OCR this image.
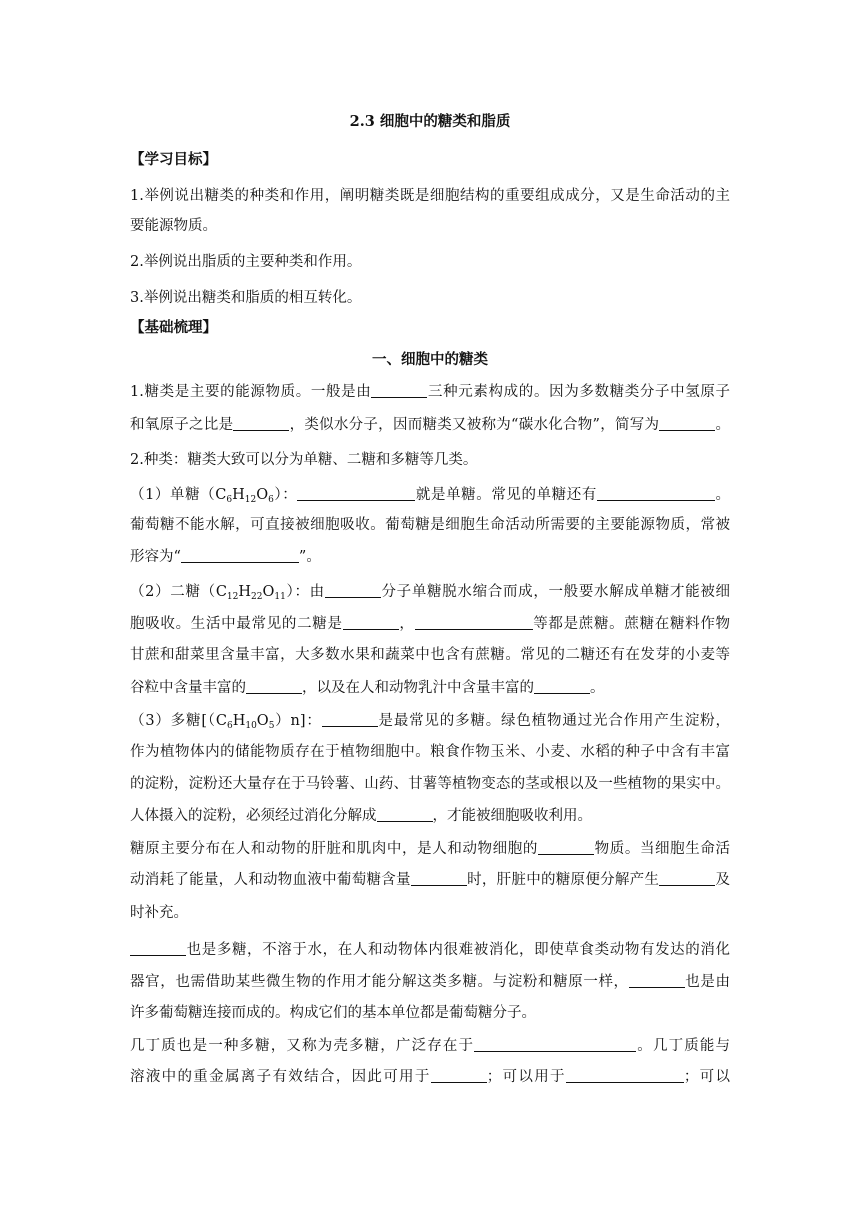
2.3 细胞中的糖类和脂质
【学习目标】
1.举例说出糖类的种类和作用，阐明糖类既是细胞结构的重要组成成分，又是生命活动的主
要能源物质。
2.举例说出脂质的主要种类和作用。
3.举例说出糖类和脂质的相互转化。
【基础梳理】
一、细胞中的糖类
1.糖类是主要的能源物质。一般是由	三种元素构成的。因为多数糖类分子中氢原子
和氧原子之比是	，类似水分子，因而糖类又被称为“碳水化合物”，简写为	。
2.种类：糖类大致可以分为单糖、二糖和多糖等几类。
（1）单糖$(C_6H_{12}O_6)$：	就是单糖。常见的单糖还有	。
葡萄糖不能水解，可直接被细胞吸收。葡萄糖是细胞生命活动所需要的主要能源物质，常被
形容为“	”。
（2）二糖$(C_{12}H_{22}O_{11})$：由	分子单糖脱水缩合而成，一般要水解成单糖才能被细
胞吸收。生活中最常见的二糖是	，	等都是蔗糖。蔗糖在糖料作物
甘蔗和甜菜里含量丰富，大多数水果和蔬菜中也含有蔗糖。常见的二糖还有在发芽的小麦等
谷粒中含量丰富的	，以及在人和动物乳汁中含量丰富的	。
（3）多糖$[(C_6H_{10}O_5)n]$：	是最常见的多糖。绿色植物通过光合作用产生淀粉，
作为植物体内的储能物质存在于植物细胞中。粮食作物玉米、小麦、水稻的种子中含有丰富
的淀粉，淀粉还大量存在于马铃薯、山药、甘薯等植物变态的茎或根以及一些植物的果实中。
人体摄入的淀粉，必须经过消化分解成	，才能被细胞吸收利用。
糖原主要分布在人和动物的肝脏和肌肉中，是人和动物细胞的	物质。当细胞生命活
动消耗了能量，人和动物血液中葡萄糖含量	时，肝脏中的糖原便分解产生	及
时补充。
也是多糖，不溶于水，在人和动物体内很难被消化，即使草食类动物有发达的消化
器官，也需借助某些微生物的作用才能分解这类多糖。与淀粉和糖原一样，	也是由
许多葡萄糖连接而成的。构成它们的基本单位都是葡萄糖分子。
几丁质也是一种多糖，又称为壳多糖，广泛存在于	。几丁质能与
溶液中的重金属离子有效结合，因此可用于	；可以用于	；可以
